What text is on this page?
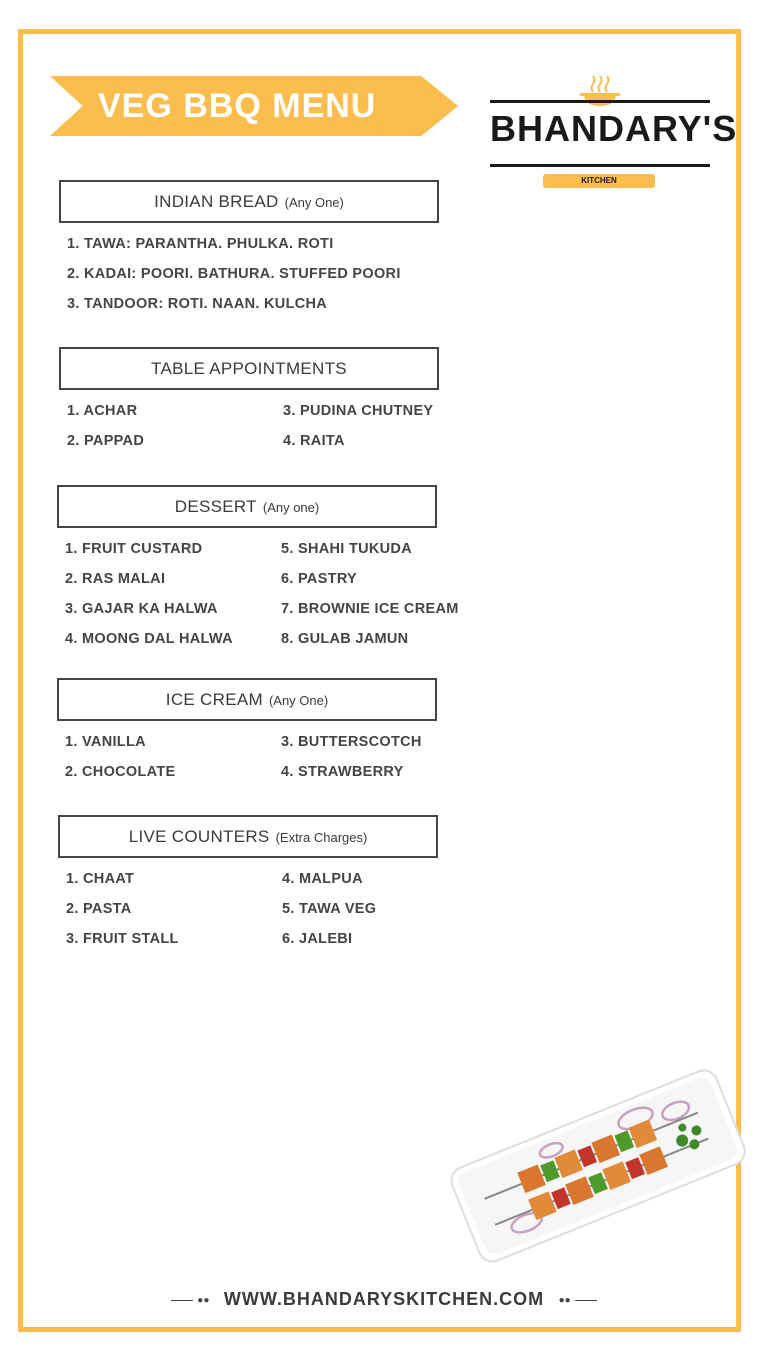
VEG BBQ MENU
BHANDARY'S
KITCHEN
INDIAN BREAD (Any One)
1. TAWA: PARANTHA. PHULKA. ROTI
2. KADAI: POORI. BATHURA. STUFFED POORI
3. TANDOOR: ROTI. NAAN. KULCHA
TABLE APPOINTMENTS
1. ACHAR
2. PAPPAD
3. PUDINA CHUTNEY
4. RAITA
DESSERT (Any one)
1. FRUIT CUSTARD
2. RAS MALAI
3. GAJAR KA HALWA
4. MOONG DAL HALWA
5. SHAHI TUKUDA
6. PASTRY
7. BROWNIE ICE CREAM
8. GULAB JAMUN
ICE CREAM (Any One)
1. VANILLA
2. CHOCOLATE
3. BUTTERSCOTCH
4. STRAWBERRY
LIVE COUNTERS (Extra Charges)
1. CHAAT
2. PASTA
3. FRUIT STALL
4. MALPUA
5. TAWA VEG
6. JALEBI
●● WWW.BHANDARYSKITCHEN.COM ●●
